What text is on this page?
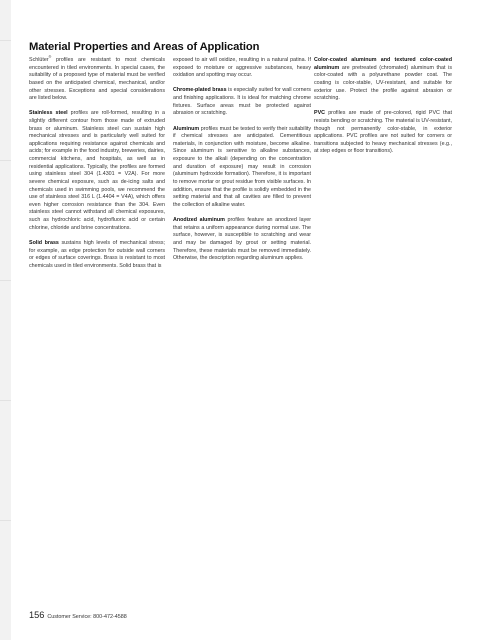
Material Properties and Areas of Application

Schlüter® profiles are resistant to most chemicals encountered in tiled environments. In special cases, the suitability of a proposed type of material must be verified based on the anticipated chemical, mechanical, and/or other stresses. Exceptions and special considerations are listed below.

Stainless steel profiles are roll-formed, resulting in a slightly different contour from those made of extruded brass or aluminum. Stainless steel can sustain high mechanical stresses and is particularly well suited for applications requiring resistance against chemicals and acids; for example in the food industry, breweries, dairies, commercial kitchens, and hospitals, as well as in residential applications. Typically, the profiles are formed using stainless steel 304 (1.4301 = V2A). For more severe chemical exposure, such as de-icing salts and chemicals used in swimming pools, we recommend the use of stainless steel 316 L (1.4404 = V4A), which offers even higher corrosion resistance than the 304. Even stainless steel cannot withstand all chemical exposures, such as hydrochloric acid, hydrofluoric acid or certain chlorine, chloride and brine concentrations.

Solid brass sustains high levels of mechanical stress; for example, as edge protection for outside wall corners or edges of surface coverings. Brass is resistant to most chemicals used in tiled environments. Solid brass that is

exposed to air will oxidize, resulting in a natural patina. If exposed to moisture or aggressive substances, heavy oxidation and spotting may occur.

Chrome-plated brass is especially suited for wall corners and finishing applications. It is ideal for matching chrome fixtures. Surface areas must be protected against abrasion or scratching.

Aluminum profiles must be tested to verify their suitability if chemical stresses are anticipated. Cementitious materials, in conjunction with moisture, become alkaline. Since aluminum is sensitive to alkaline substances, exposure to the alkali (depending on the concentration and duration of exposure) may result in corrosion (aluminum hydroxide formation). Therefore, it is important to remove mortar or grout residue from visible surfaces. In addition, ensure that the profile is solidly embedded in the setting material and that all cavities are filled to prevent the collection of alkaline water.

Anodized aluminum profiles feature an anodized layer that retains a uniform appearance during normal use. The surface, however, is susceptible to scratching and wear and may be damaged by grout or setting material. Therefore, these materials must be removed immediately. Otherwise, the description regarding aluminum applies.

Color-coated aluminum and textured color-coated aluminum are pretreated (chromated) aluminum that is color-coated with a polyurethane powder coat. The coating is color-stable, UV-resistant, and suitable for exterior use. Protect the profile against abrasion or scratching.

PVC profiles are made of pre-colored, rigid PVC that resists bending or scratching. The material is UV-resistant, though not permanently color-stable, in exterior applications. PVC profiles are not suited for corners or transitions subjected to heavy mechanical stresses (e.g., at step edges or floor transitions).

156 Customer Service: 800-472-4588
